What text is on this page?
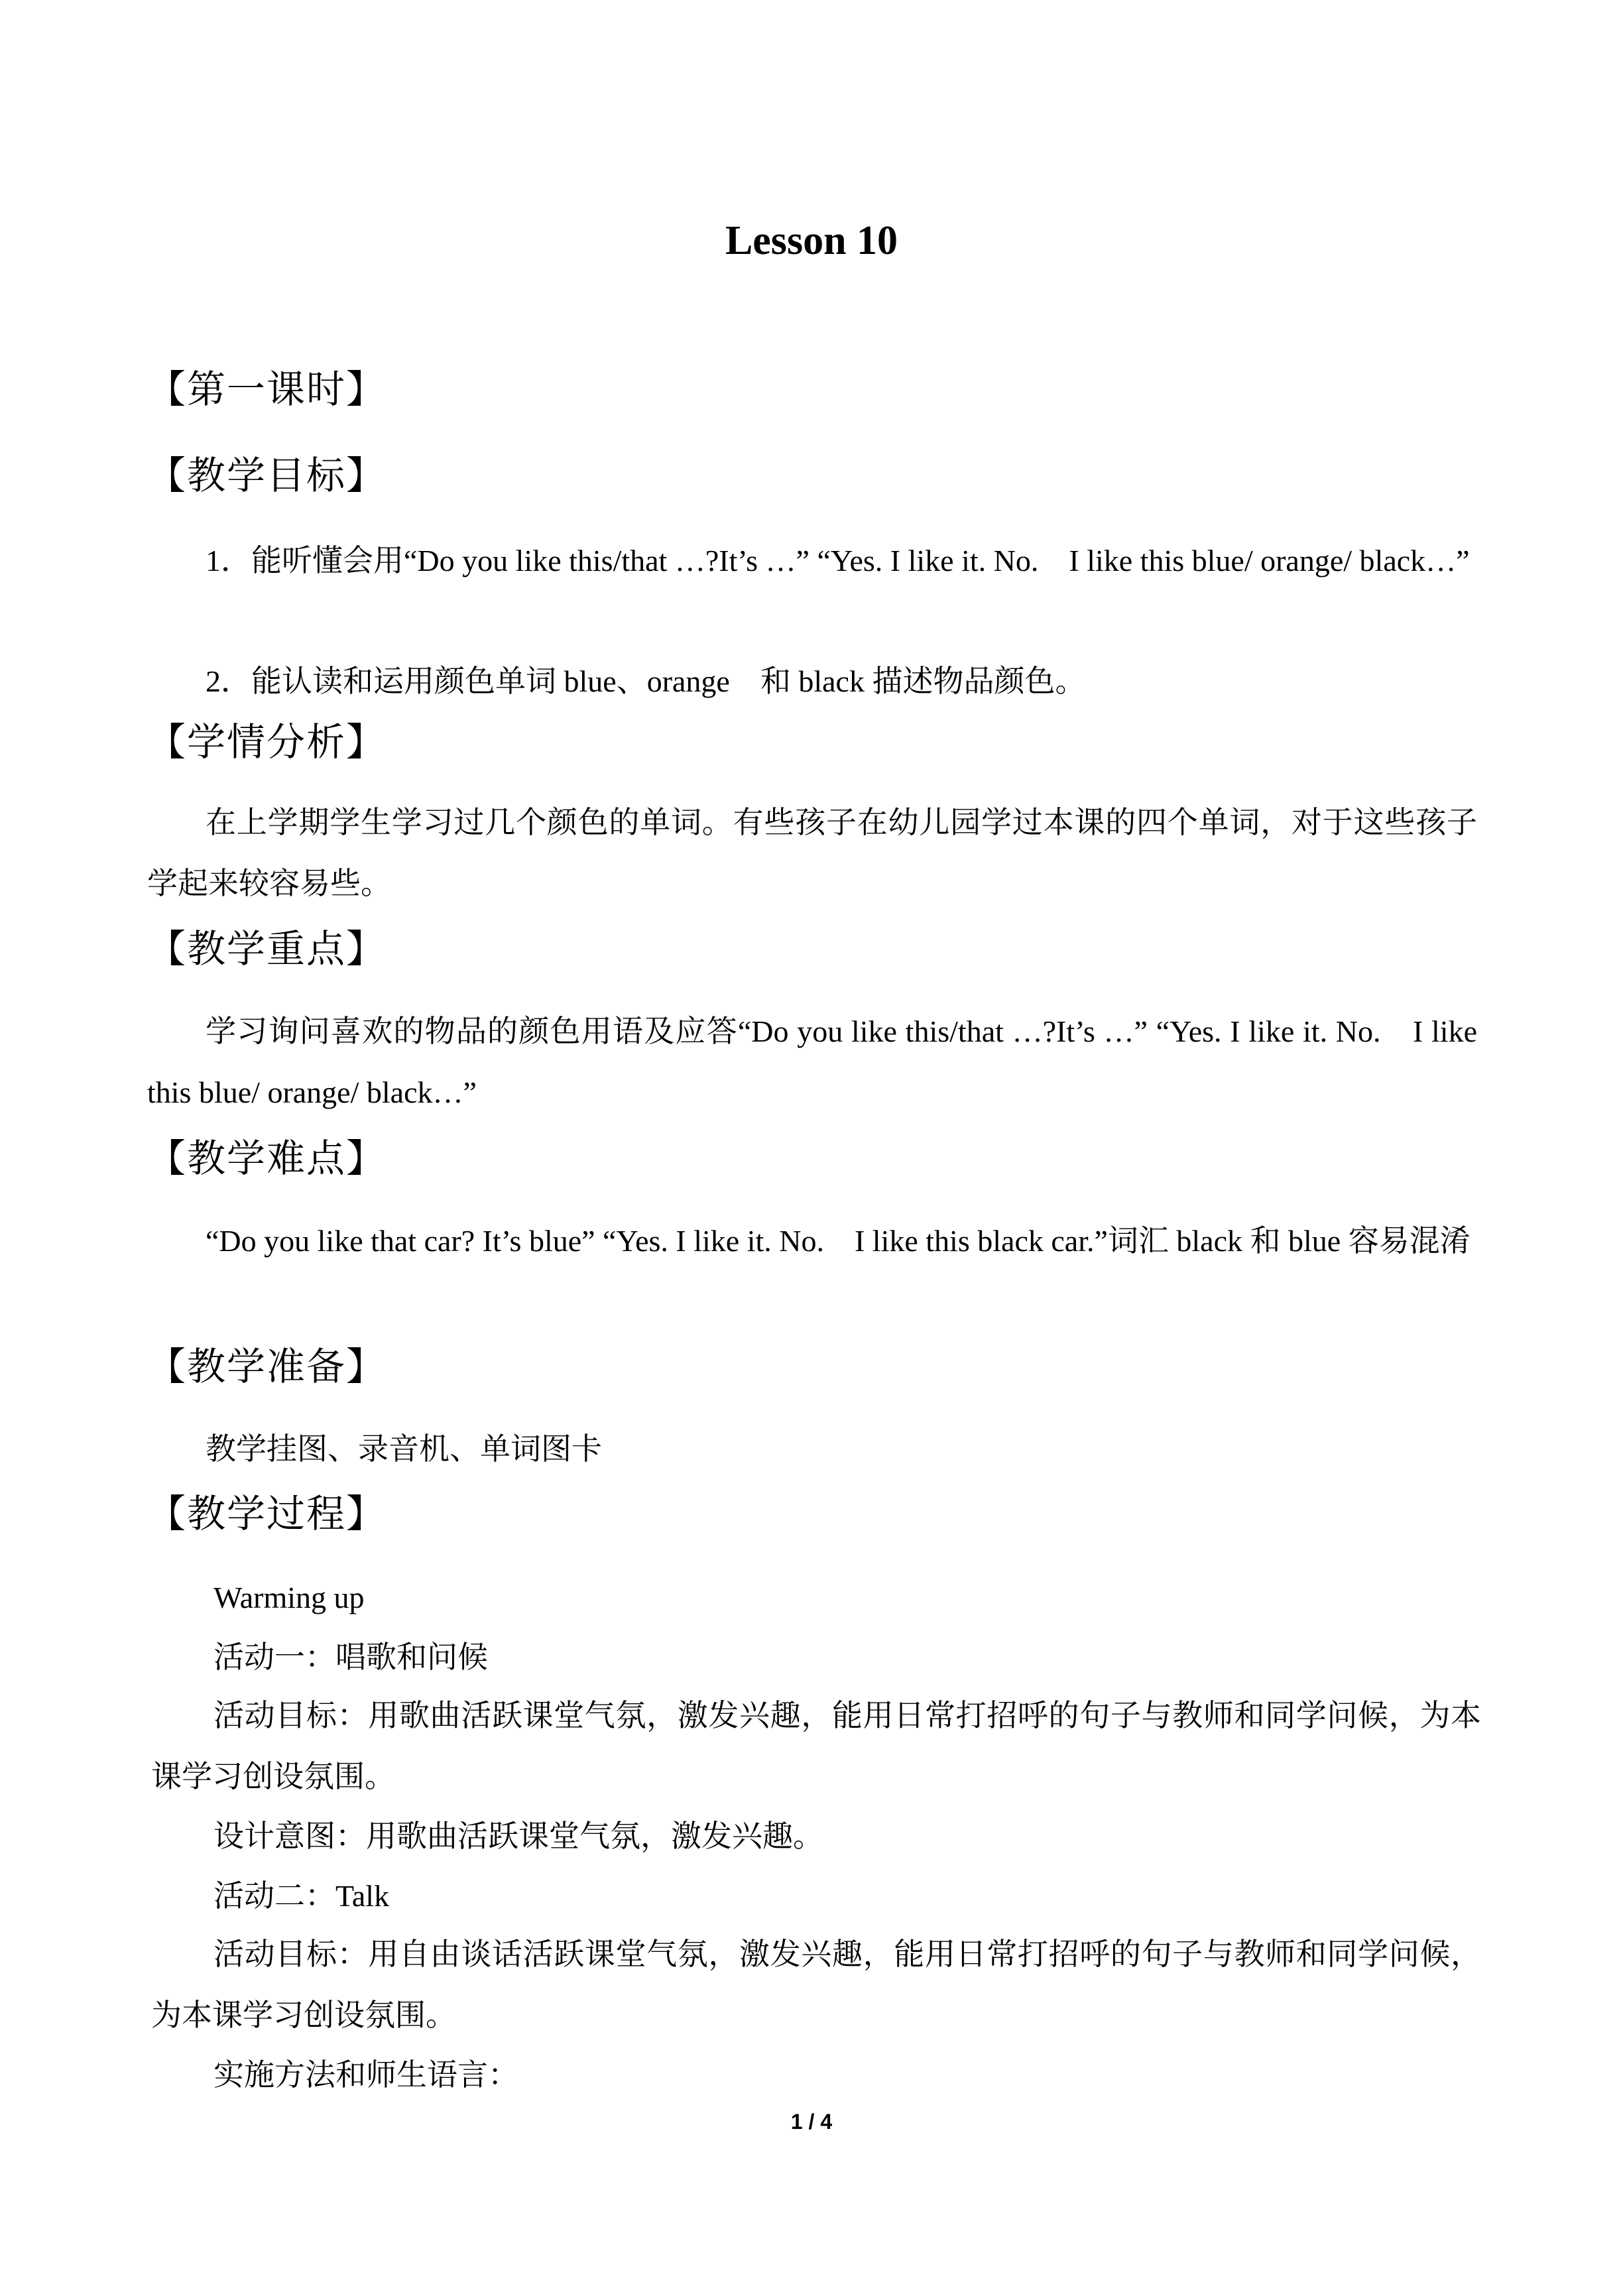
Lesson 10
【第一课时】
【教学目标】
1．能听懂会用“Do you like this/that …?It’s …” “Yes. I like it. No.　I like this blue/ orange/ black…”
2．能认读和运用颜色单词 blue、orange　和 black 描述物品颜色。
【学情分析】
在上学期学生学习过几个颜色的单词。有些孩子在幼儿园学过本课的四个单词，对于这些孩子学起来较容易些。
【教学重点】
学习询问喜欢的物品的颜色用语及应答“Do you like this/that …?It’s …” “Yes. I like it. No.　I like this blue/ orange/ black…”
【教学难点】
“Do you like that car? It’s blue” “Yes. I like it. No.　I like this black car.”词汇 black 和 blue 容易混淆
【教学准备】
教学挂图、录音机、单词图卡
【教学过程】
Warming up
活动一：唱歌和问候
活动目标：用歌曲活跃课堂气氛，激发兴趣，能用日常打招呼的句子与教师和同学问候，为本课学习创设氛围。
设计意图：用歌曲活跃课堂气氛，激发兴趣。
活动二：Talk
活动目标：用自由谈话活跃课堂气氛，激发兴趣，能用日常打招呼的句子与教师和同学问候，为本课学习创设氛围。
实施方法和师生语言：
1 / 4
